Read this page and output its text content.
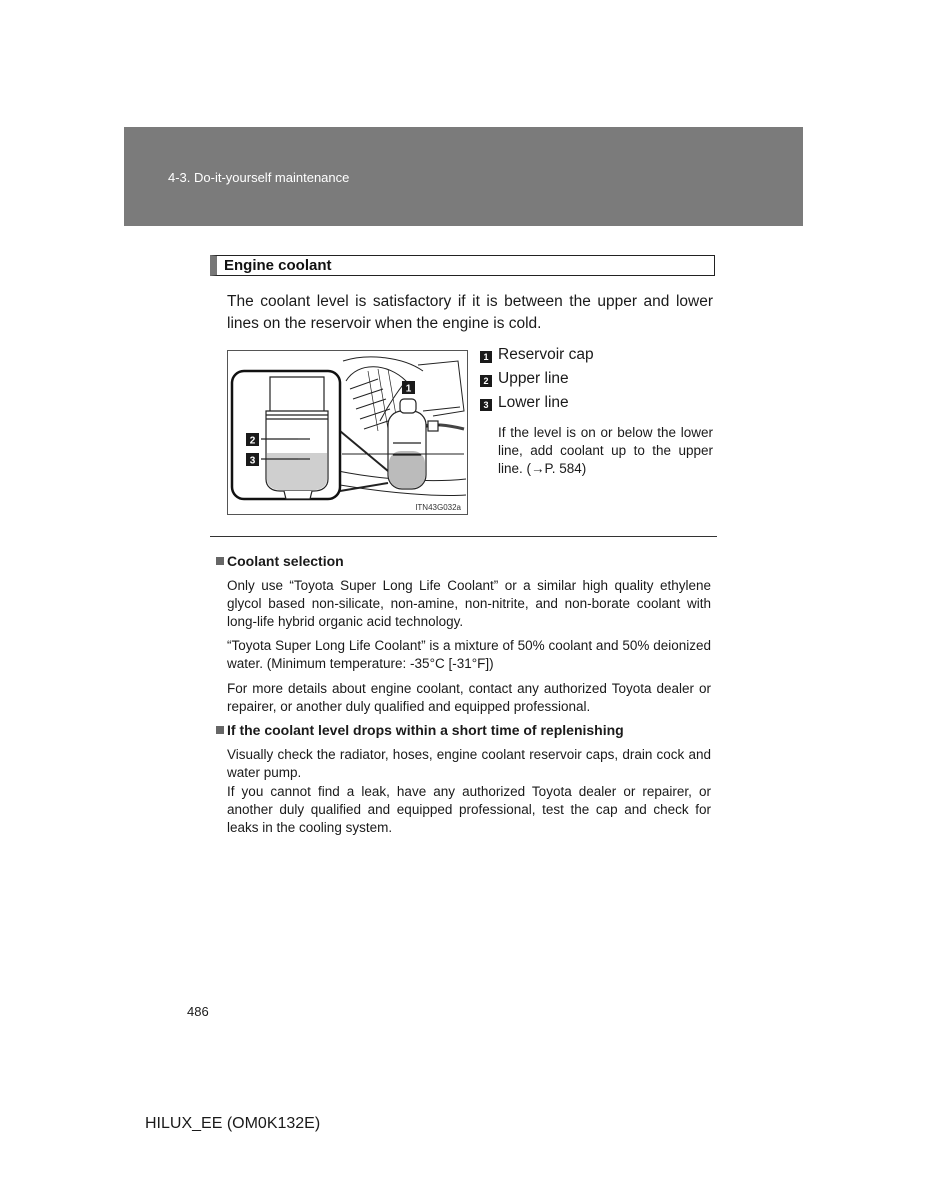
4-3. Do-it-yourself maintenance
Engine coolant
The coolant level is satisfactory if it is between the upper and lower lines on the reservoir when the engine is cold.
1
2
3
ITN43G032a
1 Reservoir cap
2 Upper line
3 Lower line
If the level is on or below the lower line, add coolant up to the upper line. (→P. 584)
Coolant selection
Only use “Toyota Super Long Life Coolant” or a similar high quality ethylene glycol based non-silicate, non-amine, non-nitrite, and non-borate coolant with long-life hybrid organic acid technology.
“Toyota Super Long Life Coolant” is a mixture of 50% coolant and 50% deionized water. (Minimum temperature: -35°C [-31°F])
For more details about engine coolant, contact any authorized Toyota dealer or repairer, or another duly qualified and equipped professional.
If the coolant level drops within a short time of replenishing
Visually check the radiator, hoses, engine coolant reservoir caps, drain cock and water pump.
If you cannot find a leak, have any authorized Toyota dealer or repairer, or another duly qualified and equipped professional, test the cap and check for leaks in the cooling system.
486
HILUX_EE (OM0K132E)
